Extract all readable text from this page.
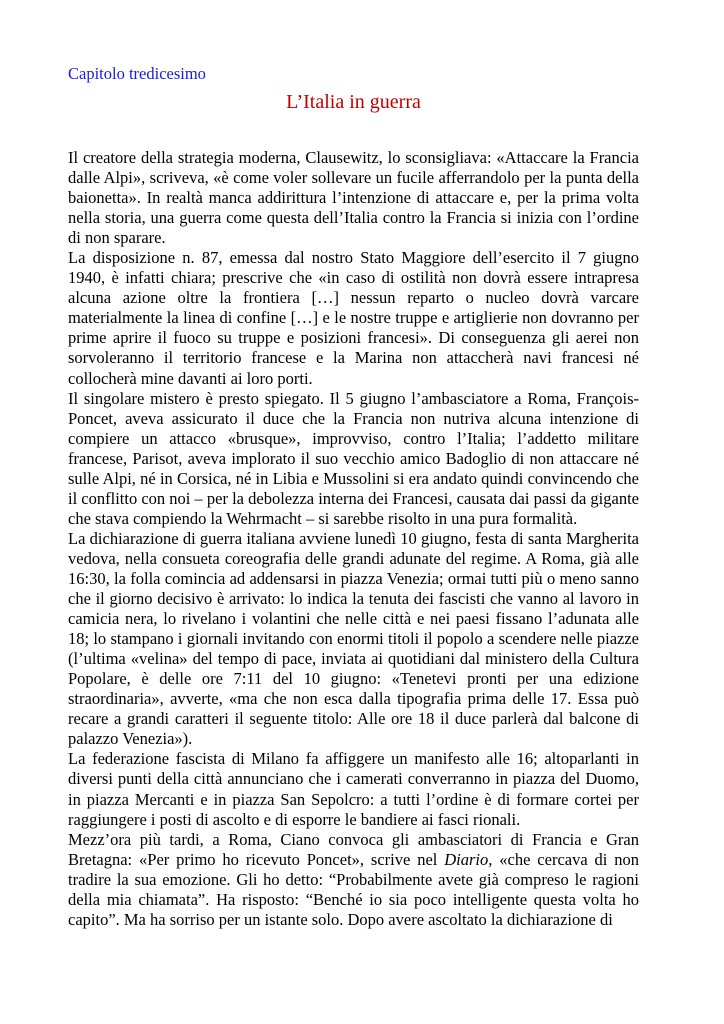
Capitolo tredicesimo

L’Italia in guerra

Il creatore della strategia moderna, Clausewitz, lo sconsigliava: «Attaccare la Francia dalle Alpi», scriveva, «è come voler sollevare un fucile afferrandolo per la punta della baionetta». In realtà manca addirittura l’intenzione di attaccare e, per la prima volta nella storia, una guerra come questa dell’Italia contro la Francia si inizia con l’ordine di non sparare.

La disposizione n. 87, emessa dal nostro Stato Maggiore dell’esercito il 7 giugno 1940, è infatti chiara; prescrive che «in caso di ostilità non dovrà essere intrapresa alcuna azione oltre la frontiera […] nessun reparto o nucleo dovrà varcare materialmente la linea di confine […] e le nostre truppe e artiglierie non dovranno per prime aprire il fuoco su truppe e posizioni francesi». Di conseguenza gli aerei non sorvoleranno il territorio francese e la Marina non attaccherà navi francesi né collocherà mine davanti ai loro porti.

Il singolare mistero è presto spiegato. Il 5 giugno l’ambasciatore a Roma, François-Poncet, aveva assicurato il duce che la Francia non nutriva alcuna intenzione di compiere un attacco «brusque», improvviso, contro l’Italia; l’addetto militare francese, Parisot, aveva implorato il suo vecchio amico Badoglio di non attaccare né sulle Alpi, né in Corsica, né in Libia e Mussolini si era andato quindi convincendo che il conflitto con noi – per la debolezza interna dei Francesi, causata dai passi da gigante che stava compiendo la Wehrmacht – si sarebbe risolto in una pura formalità.

La dichiarazione di guerra italiana avviene lunedì 10 giugno, festa di santa Margherita vedova, nella consueta coreografia delle grandi adunate del regime. A Roma, già alle 16:30, la folla comincia ad addensarsi in piazza Venezia; ormai tutti più o meno sanno che il giorno decisivo è arrivato: lo indica la tenuta dei fascisti che vanno al lavoro in camicia nera, lo rivelano i volantini che nelle città e nei paesi fissano l’adunata alle 18; lo stampano i giornali invitando con enormi titoli il popolo a scendere nelle piazze (l’ultima «velina» del tempo di pace, inviata ai quotidiani dal ministero della Cultura Popolare, è delle ore 7:11 del 10 giugno: «Tenetevi pronti per una edizione straordinaria», avverte, «ma che non esca dalla tipografia prima delle 17. Essa può recare a grandi caratteri il seguente titolo: Alle ore 18 il duce parlerà dal balcone di palazzo Venezia»).

La federazione fascista di Milano fa affiggere un manifesto alle 16; altoparlanti in diversi punti della città annunciano che i camerati converranno in piazza del Duomo, in piazza Mercanti e in piazza San Sepolcro: a tutti l’ordine è di formare cortei per raggiungere i posti di ascolto e di esporre le bandiere ai fasci rionali.

Mezz’ora più tardi, a Roma, Ciano convoca gli ambasciatori di Francia e Gran Bretagna: «Per primo ho ricevuto Poncet», scrive nel Diario, «che cercava di non tradire la sua emozione. Gli ho detto: “Probabilmente avete già compreso le ragioni della mia chiamata”. Ha risposto: “Benché io sia poco intelligente questa volta ho capito”. Ma ha sorriso per un istante solo. Dopo avere ascoltato la dichiarazione di
